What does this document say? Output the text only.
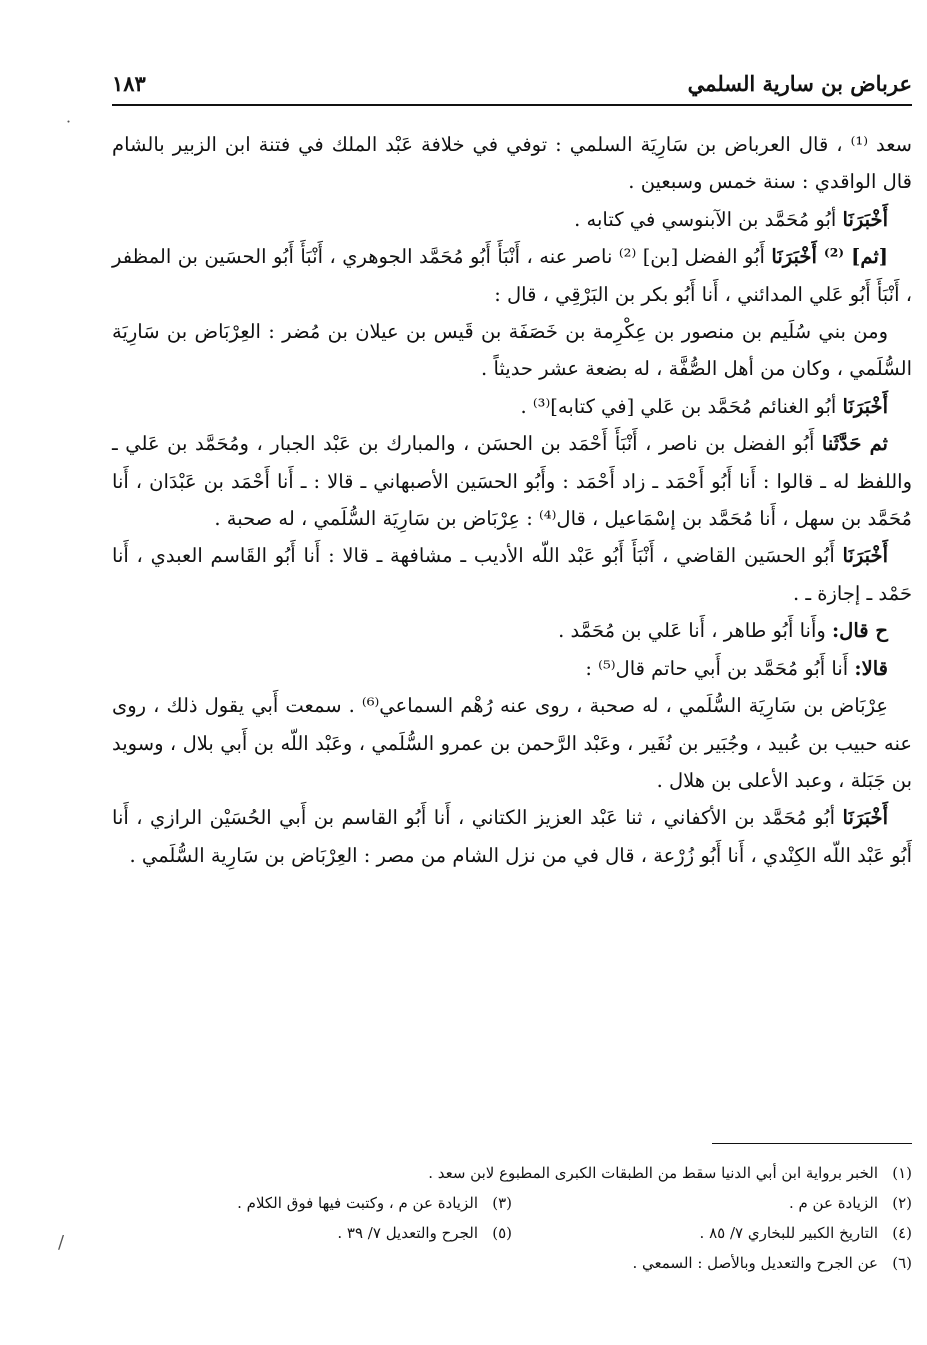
عرباض بن سارية السلمي
١٨٣

سعد ⁽¹⁾ ، قال العرباض بن سَارِيَة السلمي : توفي في خلافة عَبْد الملك في فتنة ابن الزبير بالشام قال الواقدي : سنة خمس وسبعين .

أَخْبَرَنَا أبُو مُحَمَّد بن الآبنوسي في كتابه .

[ثم] ⁽²⁾ أَخْبَرَنَا أَبُو الفضل [بن] ⁽²⁾ ناصر عنه ، أَنْبَأَ أَبُو مُحَمَّد الجوهري ، أَنْبَأَ أَبُو الحسَين بن المظفر ، أَنْبَأَ أَبُو عَلي المدائني ، أَنا أَبُو بكر بن البَرْقِي ، قال :

ومن بني سُلَيم بن منصور بن عِكْرِمة بن خَصَفَة بن قَيس بن عيلان بن مُضر : العِرْبَاض بن سَارِيَة السُّلَمي ، وكان من أهل الصُّفَّة ، له بضعة عشر حديثاً .

أَخْبَرَنَا أبُو الغنائم مُحَمَّد بن عَلي [في كتابه]⁽³⁾ .

ثم حَدَّثَنا أَبُو الفضل بن ناصر ، أَنْبَأَ أَحْمَد بن الحسَن ، والمبارك بن عَبْد الجبار ، ومُحَمَّد بن عَلي ـ واللفظ له ـ قالوا : أَنا أَبُو أَحْمَد ـ زاد أَحْمَد : وأَبُو الحسَين الأصبهاني ـ قالا : ـ أَنا أَحْمَد بن عَبْدَان ، أَنا مُحَمَّد بن سهل ، أَنا مُحَمَّد بن إسْمَاعيل ، قال⁽⁴⁾ : عِرْبَاض بن سَارِيَة السُّلَمي ، له صحبة .

أَخْبَرَنَا أَبُو الحسَين القاضي ، أَنْبَأَ أَبُو عَبْد اللّه الأديب ـ مشافهة ـ قالا : أَنا أَبُو القَاسم العبدي ، أَنا حَمْد ـ إجازة ـ .

ح قال: وأَنا أَبُو طاهر ، أَنا عَلي بن مُحَمَّد .

قالا: أَنا أَبُو مُحَمَّد بن أَبي حاتم قال⁽⁵⁾ :

عِرْبَاض بن سَارِيَة السُّلَمي ، له صحبة ، روى عنه رُهْم السماعي⁽⁶⁾ . سمعت أَبي يقول ذلك ، روى عنه حبيب بن عُبيد ، وجُبَير بن نُفَير ، وعَبْد الرَّحمن بن عمرو السُّلَمي ، وعَبْد اللّه بن أَبي بلال ، وسويد بن جَبَلة ، وعبد الأعلى بن هلال .

أَخْبَرَنَا أبُو مُحَمَّد بن الأكفاني ، ثنا عَبْد العزيز الكتاني ، أَنا أَبُو القاسم بن أَبي الحُسَيْن الرازي ، أَنا أَبُو عَبْد اللّه الكِنْدي ، أَنا أَبُو زُرْعة ، قال في من نزل الشام من مصر : العِرْبَاض بن سَارِية السُّلَمي .

(١)
الخبر برواية ابن أبي الدنيا سقط من الطبقات الكبرى المطبوع لابن سعد .
(٢)
الزيادة عن م .
(٣)
الزيادة عن م ، وكتبت فيها فوق الكلام .
(٤)
التاريخ الكبير للبخاري ٧/ ٨٥ .
(٥)
الجرح والتعديل ٧/ ٣٩ .
(٦)
عن الجرح والتعديل وبالأصل : السمعي .
˙
/
